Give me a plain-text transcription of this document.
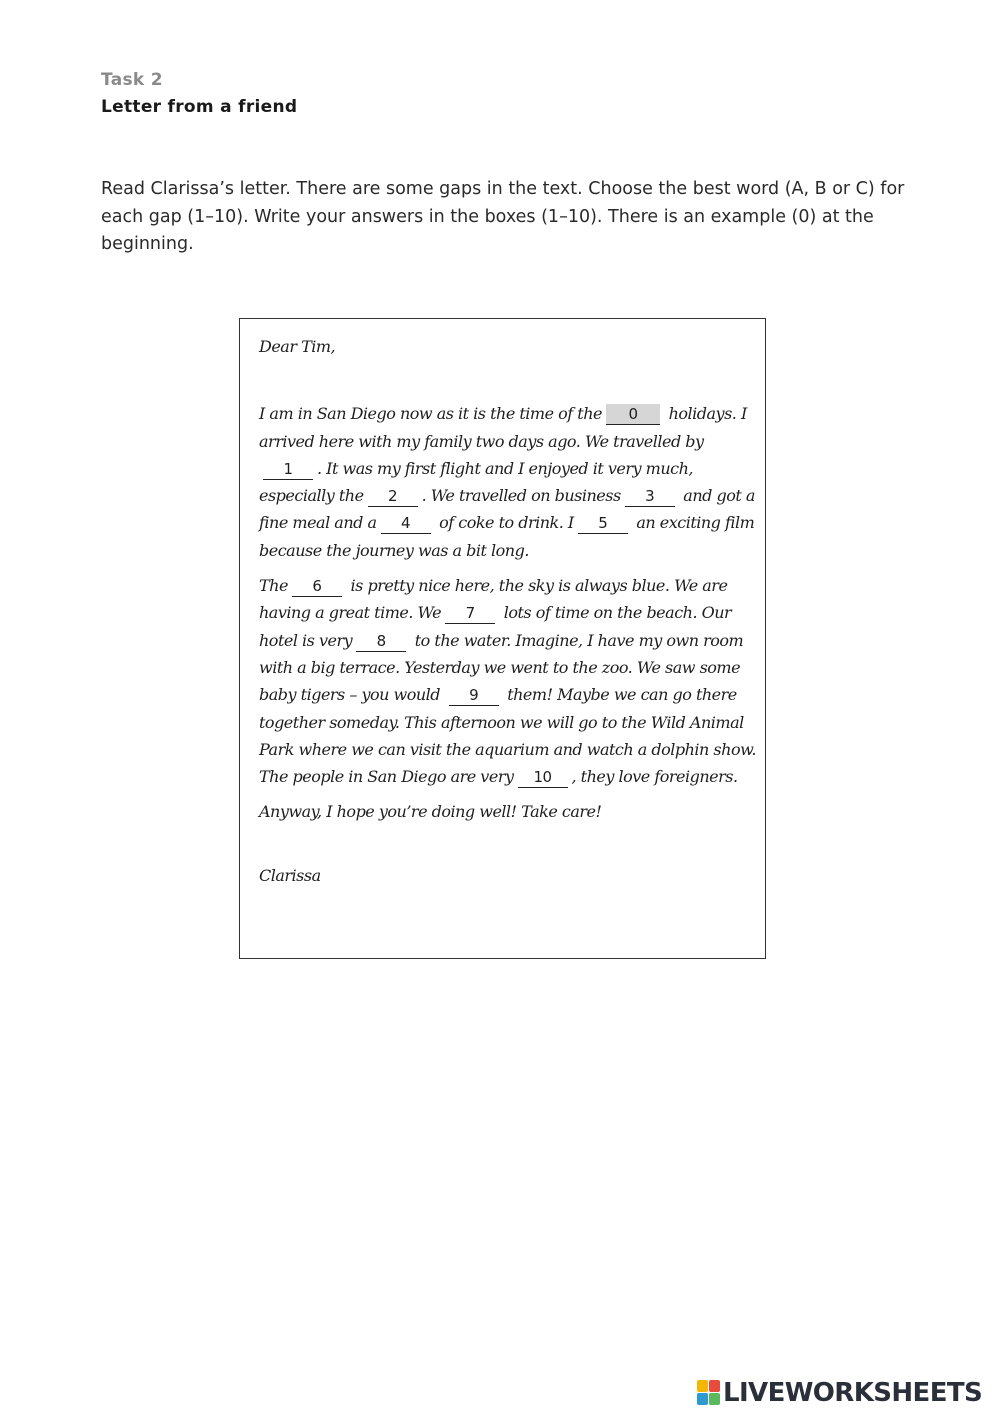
Task 2
Letter from a friend
Read Clarissa’s letter. There are some gaps in the text. Choose the best word (A, B or C) for each gap (1–10). Write your answers in the boxes (1–10). There is an example (0) at the beginning.

Dear Tim,

I am in San Diego now as it is the time of the 0 holidays. I arrived here with my family two days ago. We travelled by1 . It was my first flight and I enjoyed it very much, especially the 2 . We travelled on business 3 and got a fine meal and a 4 of coke to drink. I 5 an exciting film because the journey was a bit long.

The 6 is pretty nice here, the sky is always blue. We are having a great time. We 7 lots of time on the beach. Our hotel is very 8 to the water. Imagine, I have my own room with a big terrace. Yesterday we went to the zoo. We saw some baby tigers – you would 9 them! Maybe we can go there together someday. This afternoon we will go to the Wild Animal Park where we can visit the aquarium and watch a dolphin show. The people in San Diego are very 10 , they love foreigners.

Anyway, I hope you’re doing well! Take care!

Clarissa

LIVEWORKSHEETS
